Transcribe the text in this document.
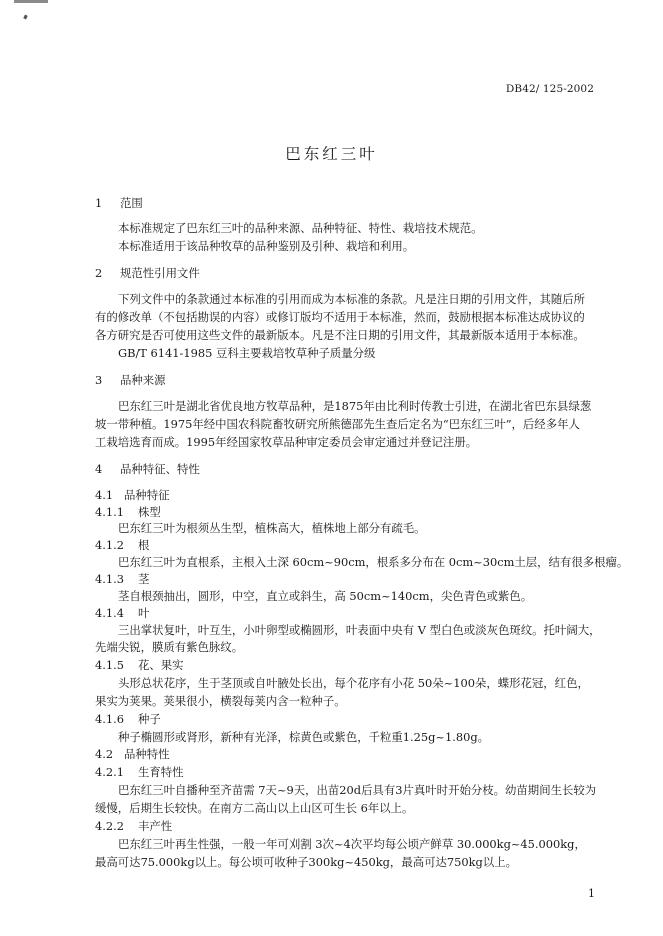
DB42/ 125-2002
巴东红三叶
1 范围
本标准规定了巴东红三叶的品种来源、品种特征、特性、栽培技术规范。
本标准适用于该品种牧草的品种鉴别及引种、栽培和利用。
2 规范性引用文件
下列文件中的条款通过本标准的引用而成为本标准的条款。凡是注日期的引用文件，其随后所
有的修改单（不包括勘误的内容）或修订版均不适用于本标准，然而，鼓励根据本标准达成协议的
各方研究是否可使用这些文件的最新版本。凡是不注日期的引用文件，其最新版本适用于本标准。
GB/T 6141-1985 豆科主要栽培牧草种子质量分级
3 品种来源
巴东红三叶是湖北省优良地方牧草品种，是1875年由比利时传教士引进，在湖北省巴东县绿葱
坡一带种植。1975年经中国农科院畜牧研究所熊德邵先生查后定名为“巴东红三叶”，后经多年人
工栽培选育而成。1995年经国家牧草品种审定委员会审定通过并登记注册。
4 品种特征、特性
4.1 品种特征
4.1.1 株型
巴东红三叶为根须丛生型，植株高大，植株地上部分有疏毛。
4.1.2 根
巴东红三叶为直根系，主根入土深 60cm~90cm，根系多分布在 0cm~30cm土层，结有很多根瘤。
4.1.3 茎
茎自根颈抽出，圆形，中空，直立或斜生，高 50cm~140cm，尖色青色或紫色。
4.1.4 叶
三出掌状复叶，叶互生，小叶卵型或椭圆形，叶表面中央有 V 型白色或淡灰色斑纹。托叶阔大，
先端尖锐，膜质有紫色脉纹。
4.1.5 花、果实
头形总状花序，生于茎顶或自叶腋处长出，每个花序有小花 50朵~100朵，蝶形花冠，红色，
果实为荚果。荚果很小，横裂每荚内含一粒种子。
4.1.6 种子
种子椭圆形或肾形，新种有光泽，棕黄色或紫色，千粒重1.25g~1.80g。
4.2 品种特性
4.2.1 生育特性
巴东红三叶自播种至齐苗需 7天~9天，出苗20d后具有3片真叶时开始分枝。幼苗期间生长较为
缓慢，后期生长较快。在南方二高山以上山区可生长 6年以上。
4.2.2 丰产性
巴东红三叶再生性强，一般一年可刈割 3次~4次平均每公顷产鲜草 30.000kg~45.000kg，
最高可达75.000kg以上。每公顷可收种子300kg~450kg，最高可达750kg以上。
1
